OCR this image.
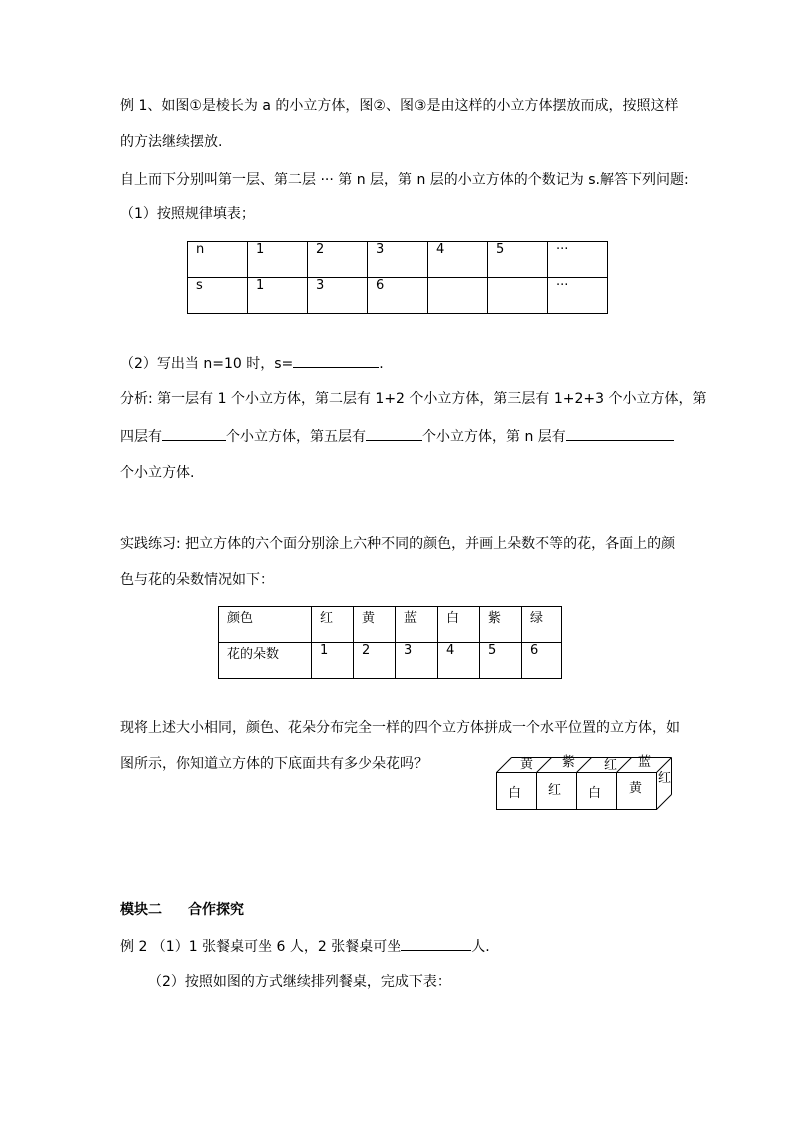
例 1、如图①是棱长为 a 的小立方体，图②、图③是由这样的小立方体摆放而成，按照这样
的方法继续摆放.
自上而下分别叫第一层、第二层 ··· 第 n 层，第 n 层的小立方体的个数记为 s.解答下列问题:
（1）按照规律填表；
n	1	2	3	4	5	···
s	1	3	6			···
（2）写出当 n=10 时，s=	.
分析: 第一层有 1 个小立方体，第二层有 1+2 个小立方体，第三层有 1+2+3 个小立方体，第
四层有	个小立方体，第五层有	个小立方体，第 n 层有
个小立方体.
实践练习: 把立方体的六个面分别涂上六种不同的颜色，并画上朵数不等的花，各面上的颜
色与花的朵数情况如下：
颜色	红	黄	蓝	白	紫	绿
花的朵数	1	2	3	4	5	6
现将上述大小相同，颜色、花朵分布完全一样的四个立方体拼成一个水平位置的立方体，如
图所示，你知道立方体的下底面共有多少朵花吗？	黄 紫 红 蓝
白 红 白 黄
红
模块二 合作探究
例 2 （1）1 张餐桌可坐 6 人，2 张餐桌可坐	人.
（2）按照如图的方式继续排列餐桌，完成下表：
